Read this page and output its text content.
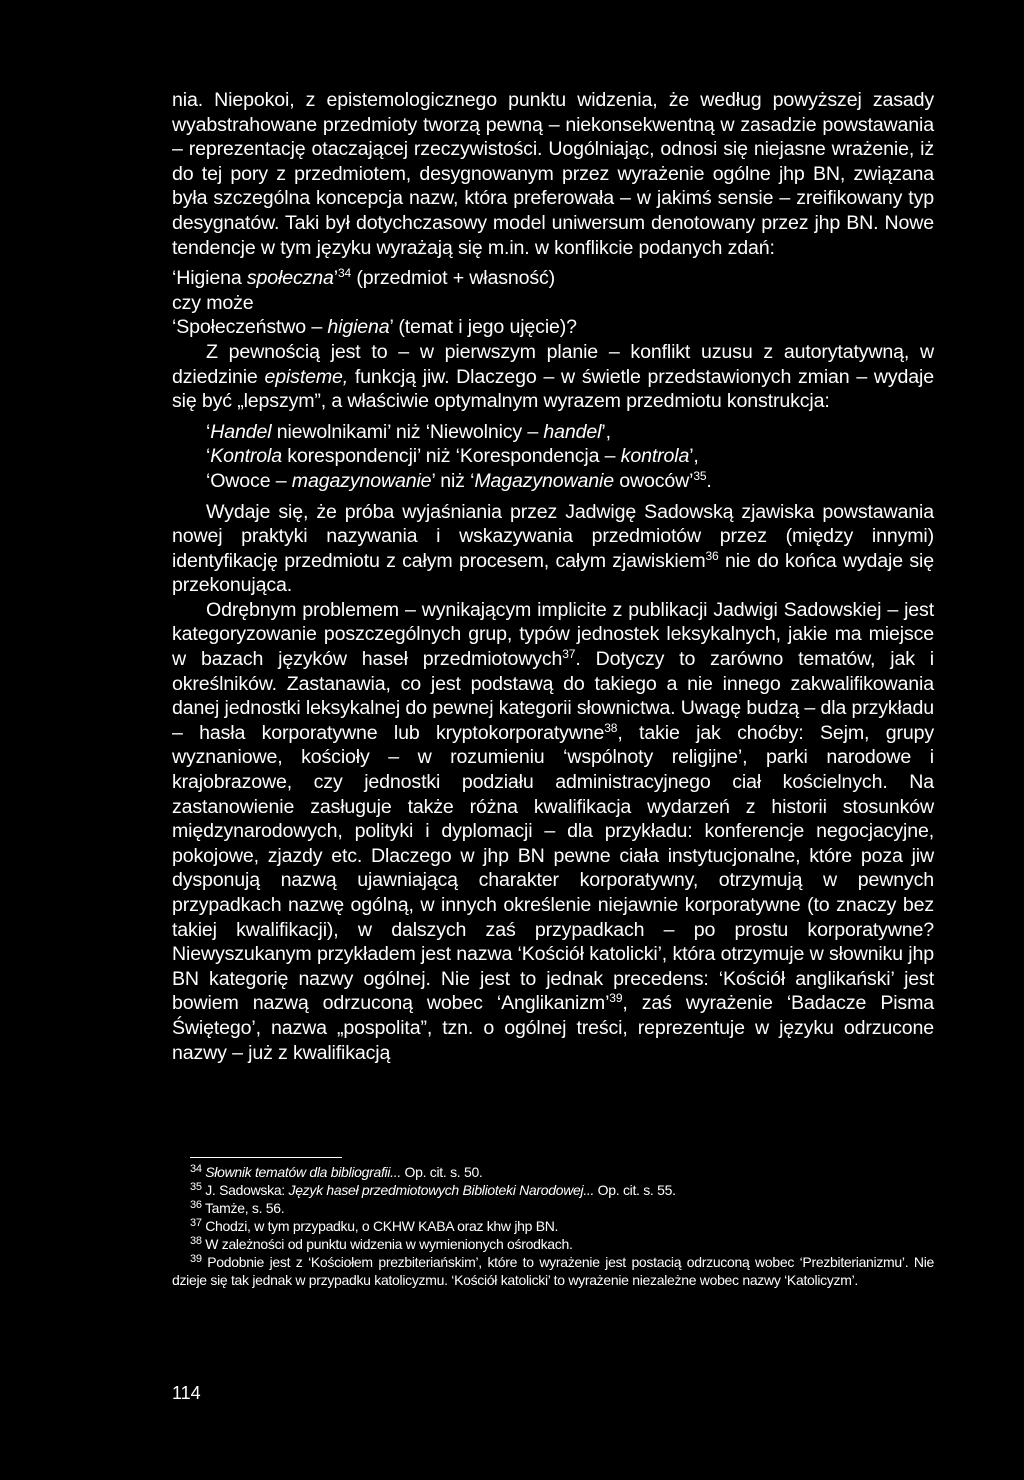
nia. Niepokoi, z epistemologicznego punktu widzenia, że według powyższej zasady wyabstrahowane przedmioty tworzą pewną – niekonsekwentną w zasadzie powstawania – reprezentację otaczającej rzeczywistości. Uogólniając, odnosi się niejasne wrażenie, iż do tej pory z przedmiotem, desygnowanym przez wyrażenie ogólne jhp BN, związana była szczególna koncepcja nazw, która preferowała – w jakimś sensie – zreifikowany typ desygnatów. Taki był dotychczasowy model uniwersum denotowany przez jhp BN. Nowe tendencje w tym języku wyrażają się m.in. w konflikcie podanych zdań:

‘Higiena społeczna’$^{34}$ (przedmiot + własność)
czy może
‘Społeczeństwo – higiena’ (temat i jego ujęcie)?

Z pewnością jest to – w pierwszym planie – konflikt uzusu z autorytatywną, w dziedzinie episteme, funkcją jiw. Dlaczego – w świetle przedstawionych zmian – wydaje się być „lepszym”, a właściwie optymalnym wyrazem przedmiotu konstrukcja:

‘Handel niewolnikami’ niż ‘Niewolnicy – handel’,
‘Kontrola korespondencji’ niż ‘Korespondencja – kontrola’,
‘Owoce – magazynowanie’ niż ‘Magazynowanie owoców’$^{35}$.

Wydaje się, że próba wyjaśniania przez Jadwigę Sadowską zjawiska powstawania nowej praktyki nazywania i wskazywania przedmiotów przez (między innymi) identyfikację przedmiotu z całym procesem, całym zjawiskiem$^{36}$ nie do końca wydaje się przekonująca.

Odrębnym problemem – wynikającym implicite z publikacji Jadwigi Sadowskiej – jest kategoryzowanie poszczególnych grup, typów jednostek leksykalnych, jakie ma miejsce w bazach języków haseł przedmiotowych$^{37}$. Dotyczy to zarówno tematów, jak i określników. Zastanawia, co jest podstawą do takiego a nie innego zakwalifikowania danej jednostki leksykalnej do pewnej kategorii słownictwa. Uwagę budzą – dla przykładu – hasła korporatywne lub kryptokorporatywne$^{38}$, takie jak choćby: Sejm, grupy wyznaniowe, kościoły – w rozumieniu ‘wspólnoty religijne’, parki narodowe i krajobrazowe, czy jednostki podziału administracyjnego ciał kościelnych. Na zastanowienie zasługuje także różna kwalifikacja wydarzeń z historii stosunków międzynarodowych, polityki i dyplomacji – dla przykładu: konferencje negocjacyjne, pokojowe, zjazdy etc. Dlaczego w jhp BN pewne ciała instytucjonalne, które poza jiw dysponują nazwą ujawniającą charakter korporatywny, otrzymują w pewnych przypadkach nazwę ogólną, w innych określenie niejawnie korporatywne (to znaczy bez takiej kwalifikacji), w dalszych zaś przypadkach – po prostu korporatywne? Niewyszukanym przykładem jest nazwa ‘Kościół katolicki’, która otrzymuje w słowniku jhp BN kategorię nazwy ogólnej. Nie jest to jednak precedens: ‘Kościół anglikański’ jest bowiem nazwą odrzuconą wobec ‘Anglikanizm’$^{39}$, zaś wyrażenie ‘Badacze Pisma Świętego’, nazwa „pospolita”, tzn. o ogólnej treści, reprezentuje w języku odrzucone nazwy – już z kwalifikacją

$^{34}$ Słownik tematów dla bibliografii... Op. cit. s. 50.

$^{35}$ J. Sadowska: Język haseł przedmiotowych Biblioteki Narodowej... Op. cit. s. 55.

$^{36}$ Tamże, s. 56.

$^{37}$ Chodzi, w tym przypadku, o CKHW KABA oraz khw jhp BN.

$^{38}$ W zależności od punktu widzenia w wymienionych ośrodkach.

$^{39}$ Podobnie jest z ‘Kościołem prezbiteriańskim’, które to wyrażenie jest postacią odrzuconą wobec ‘Prezbiterianizmu’. Nie dzieje się tak jednak w przypadku katolicyzmu. ‘Kościół katolicki’ to wyrażenie niezależne wobec nazwy ‘Katolicyzm’.

114
